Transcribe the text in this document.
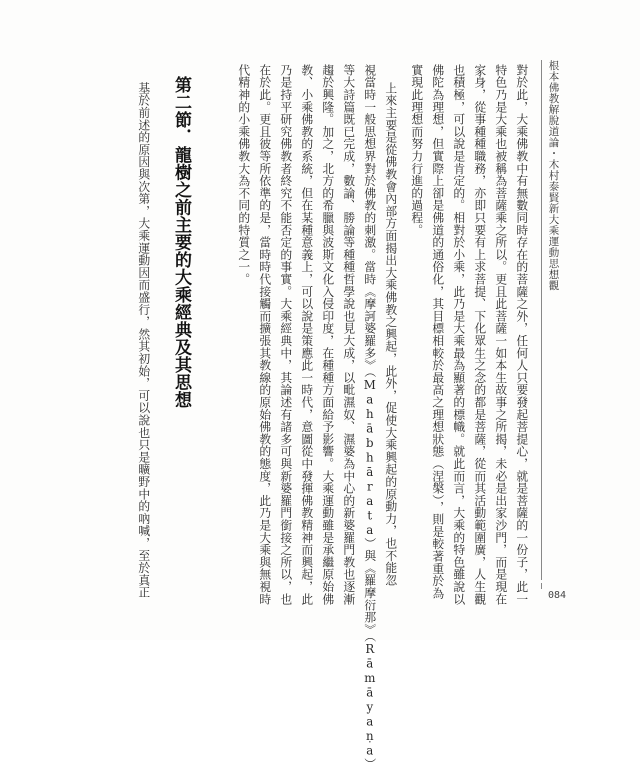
根本佛教解脫道論・木村泰賢新大乘運動思想觀
對於此，大乘佛教中有無數同時存在的菩薩之外，任何人只要發起菩提心，就是菩薩的一份子，此一
特色乃是大乘也被稱為菩薩乘之所以。更且此菩薩一如本生故事之所揭，未必是出家沙門，而是現在
家身，從事種種職務，亦即只要有上求菩提、下化眾生之念的都是菩薩，從而其活動範圍廣，人生觀
也積極，可以說是肯定的。相對於小乘，此乃是大乘最為顯著的標幟。就此而言，大乘的特色雖說以
佛陀為理想，但實際上卻是佛道的通俗化，其目標相較於最高之理想狀態（涅槃），則是較著重於為
實現此理想而努力行進的過程。
上來主要是從佛教會內部方面揭出大乘佛教之興起，此外，促使大乘興起的原動力，也不能忽
視當時一般思想界對於佛教的刺激。當時《摩訶婆羅多》（Mahābhārata）與《羅摩衍那》（Rāmāyaṇa）
等大詩篇既已完成，數論、勝論等種種哲學說也見大成，以毗濕奴、濕婆為中心的新婆羅門教也逐漸
趨於興隆。加之，北方的希臘與波斯文化入侵印度，在種種方面給予影響。大乘運動雖是承繼原始佛
教、小乘佛教的系統，但在某種意義上，可以說是策應此一時代，意圖從中發揮佛教精神而興起，此
乃是持平研究佛教者終究不能否定的事實。大乘經典中，其論述有諸多可與新婆羅門銜接之所以，也
在於此。更且彼等所依準的是，當時時代接觸而擴張其教線的原始佛教的態度，此乃是大乘與無視時
代精神的小乘佛教大為不同的特質之一。
第二節．龍樹之前主要的大乘經典及其思想
基於前述的原因與次第，大乘運動因而盛行，然其初始，可以說也只是曠野中的吶喊，至於真正	084
